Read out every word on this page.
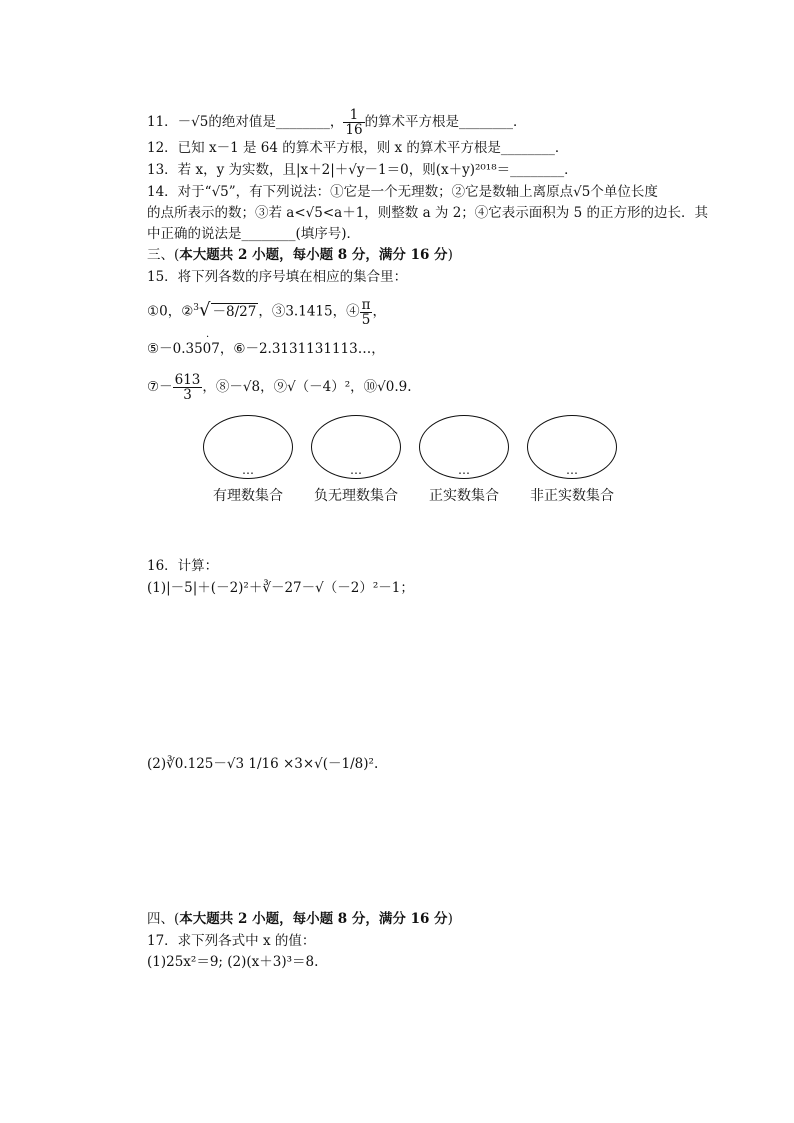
11．－√5的绝对值是________， $\frac{1}{16}$ 的算术平方根是________．
12．已知 x－1 是 64 的算术平方根，则 x 的算术平方根是________．
13．若 x，y 为实数，且|x＋2|＋√y－1＝0，则(x＋y)²⁰¹⁸＝________．
14．对于“√5”，有下列说法：①它是一个无理数；②它是数轴上离原点√5个单位长度
的点所表示的数；③若 a<√5<a＋1，则整数 a 为 2；④它表示面积为 5 的正方形的边长．其
中正确的说法是________(填序号)．
三、(本大题共 2 小题，每小题 8 分，满分 16 分)
15．将下列各数的序号填在相应的集合里：
①0，②$^3$√ －8/27 ，③3.1415，④ $\frac{\pi}{5}$ ，
·
⑤－0.3507，⑥－2.3131131113…，
⑦－ $\frac{613}{3}$ ，⑧－√8，⑨√（－4）²，⑩√0.9.
…
有理数集合
…
负无理数集合
…
正实数集合
…
非正实数集合
16．计算：
(1)|－5|＋(－2)²＋∛－27－√（－2）²－1；
(2)∛0.125－√3 1/16 ×3×√(－1/8)².
四、(本大题共 2 小题，每小题 8 分，满分 16 分)
17．求下列各式中 x 的值：
(1)25x²＝9; (2)(x＋3)³＝8.
